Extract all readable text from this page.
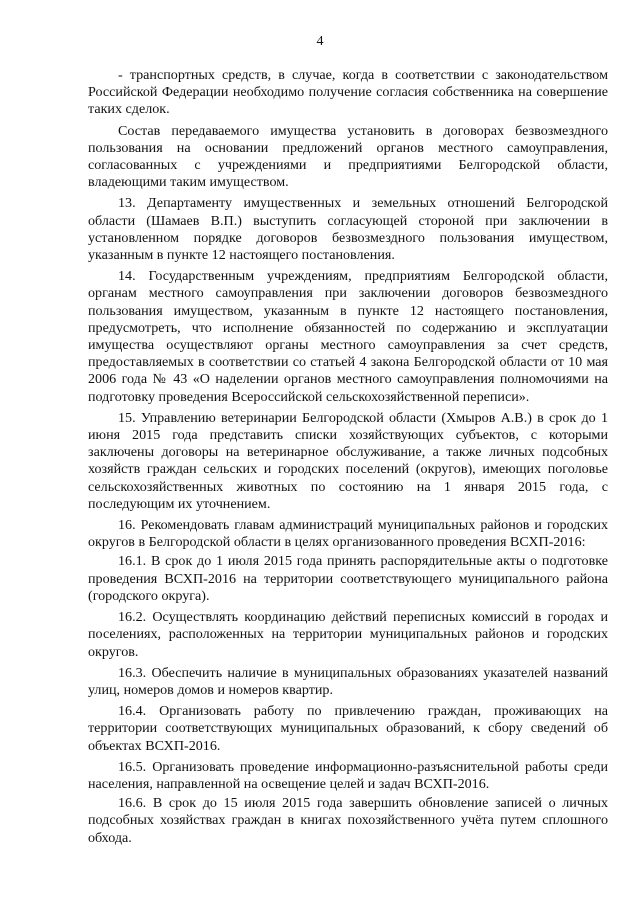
4

- транспортных средств, в случае, когда в соответствии с законодательством Российской Федерации необходимо получение согласия собственника на совершение таких сделок.

Состав передаваемого имущества установить в договорах безвозмездного пользования на основании предложений органов местного самоуправления, согласованных с учреждениями и предприятиями Белгородской области, владеющими таким имуществом.

13. Департаменту имущественных и земельных отношений Белгородской области (Шамаев В.П.) выступить согласующей стороной при заключении в установленном порядке договоров безвозмездного пользования имуществом, указанным в пункте 12 настоящего постановления.

14. Государственным учреждениям, предприятиям Белгородской области, органам местного самоуправления при заключении договоров безвозмездного пользования имуществом, указанным в пункте 12 настоящего постановления, предусмотреть, что исполнение обязанностей по содержанию и эксплуатации имущества осуществляют органы местного самоуправления за счет средств, предоставляемых в соответствии со статьей 4 закона Белгородской области от 10 мая 2006 года № 43 «О наделении органов местного самоуправления полномочиями на подготовку проведения Всероссийской сельскохозяйственной переписи».

15. Управлению ветеринарии Белгородской области (Хмыров А.В.) в срок до 1 июня 2015 года представить списки хозяйствующих субъектов, с которыми заключены договоры на ветеринарное обслуживание, а также личных подсобных хозяйств граждан сельских и городских поселений (округов), имеющих поголовье сельскохозяйственных животных по состоянию на 1 января 2015 года, с последующим их уточнением.

16. Рекомендовать главам администраций муниципальных районов и городских округов в Белгородской области в целях организованного проведения ВСХП-2016:

16.1. В срок до 1 июля 2015 года принять распорядительные акты о подготовке проведения ВСХП-2016 на территории соответствующего муниципального района (городского округа).

16.2. Осуществлять координацию действий переписных комиссий в городах и поселениях, расположенных на территории муниципальных районов и городских округов.

16.3. Обеспечить наличие в муниципальных образованиях указателей названий улиц, номеров домов и номеров квартир.

16.4. Организовать работу по привлечению граждан, проживающих на территории соответствующих муниципальных образований, к сбору сведений об объектах ВСХП-2016.

16.5. Организовать проведение информационно-разъяснительной работы среди населения, направленной на освещение целей и задач ВСХП-2016.

16.6. В срок до 15 июля 2015 года завершить обновление записей о личных подсобных хозяйствах граждан в книгах похозяйственного учёта путем сплошного обхода.
